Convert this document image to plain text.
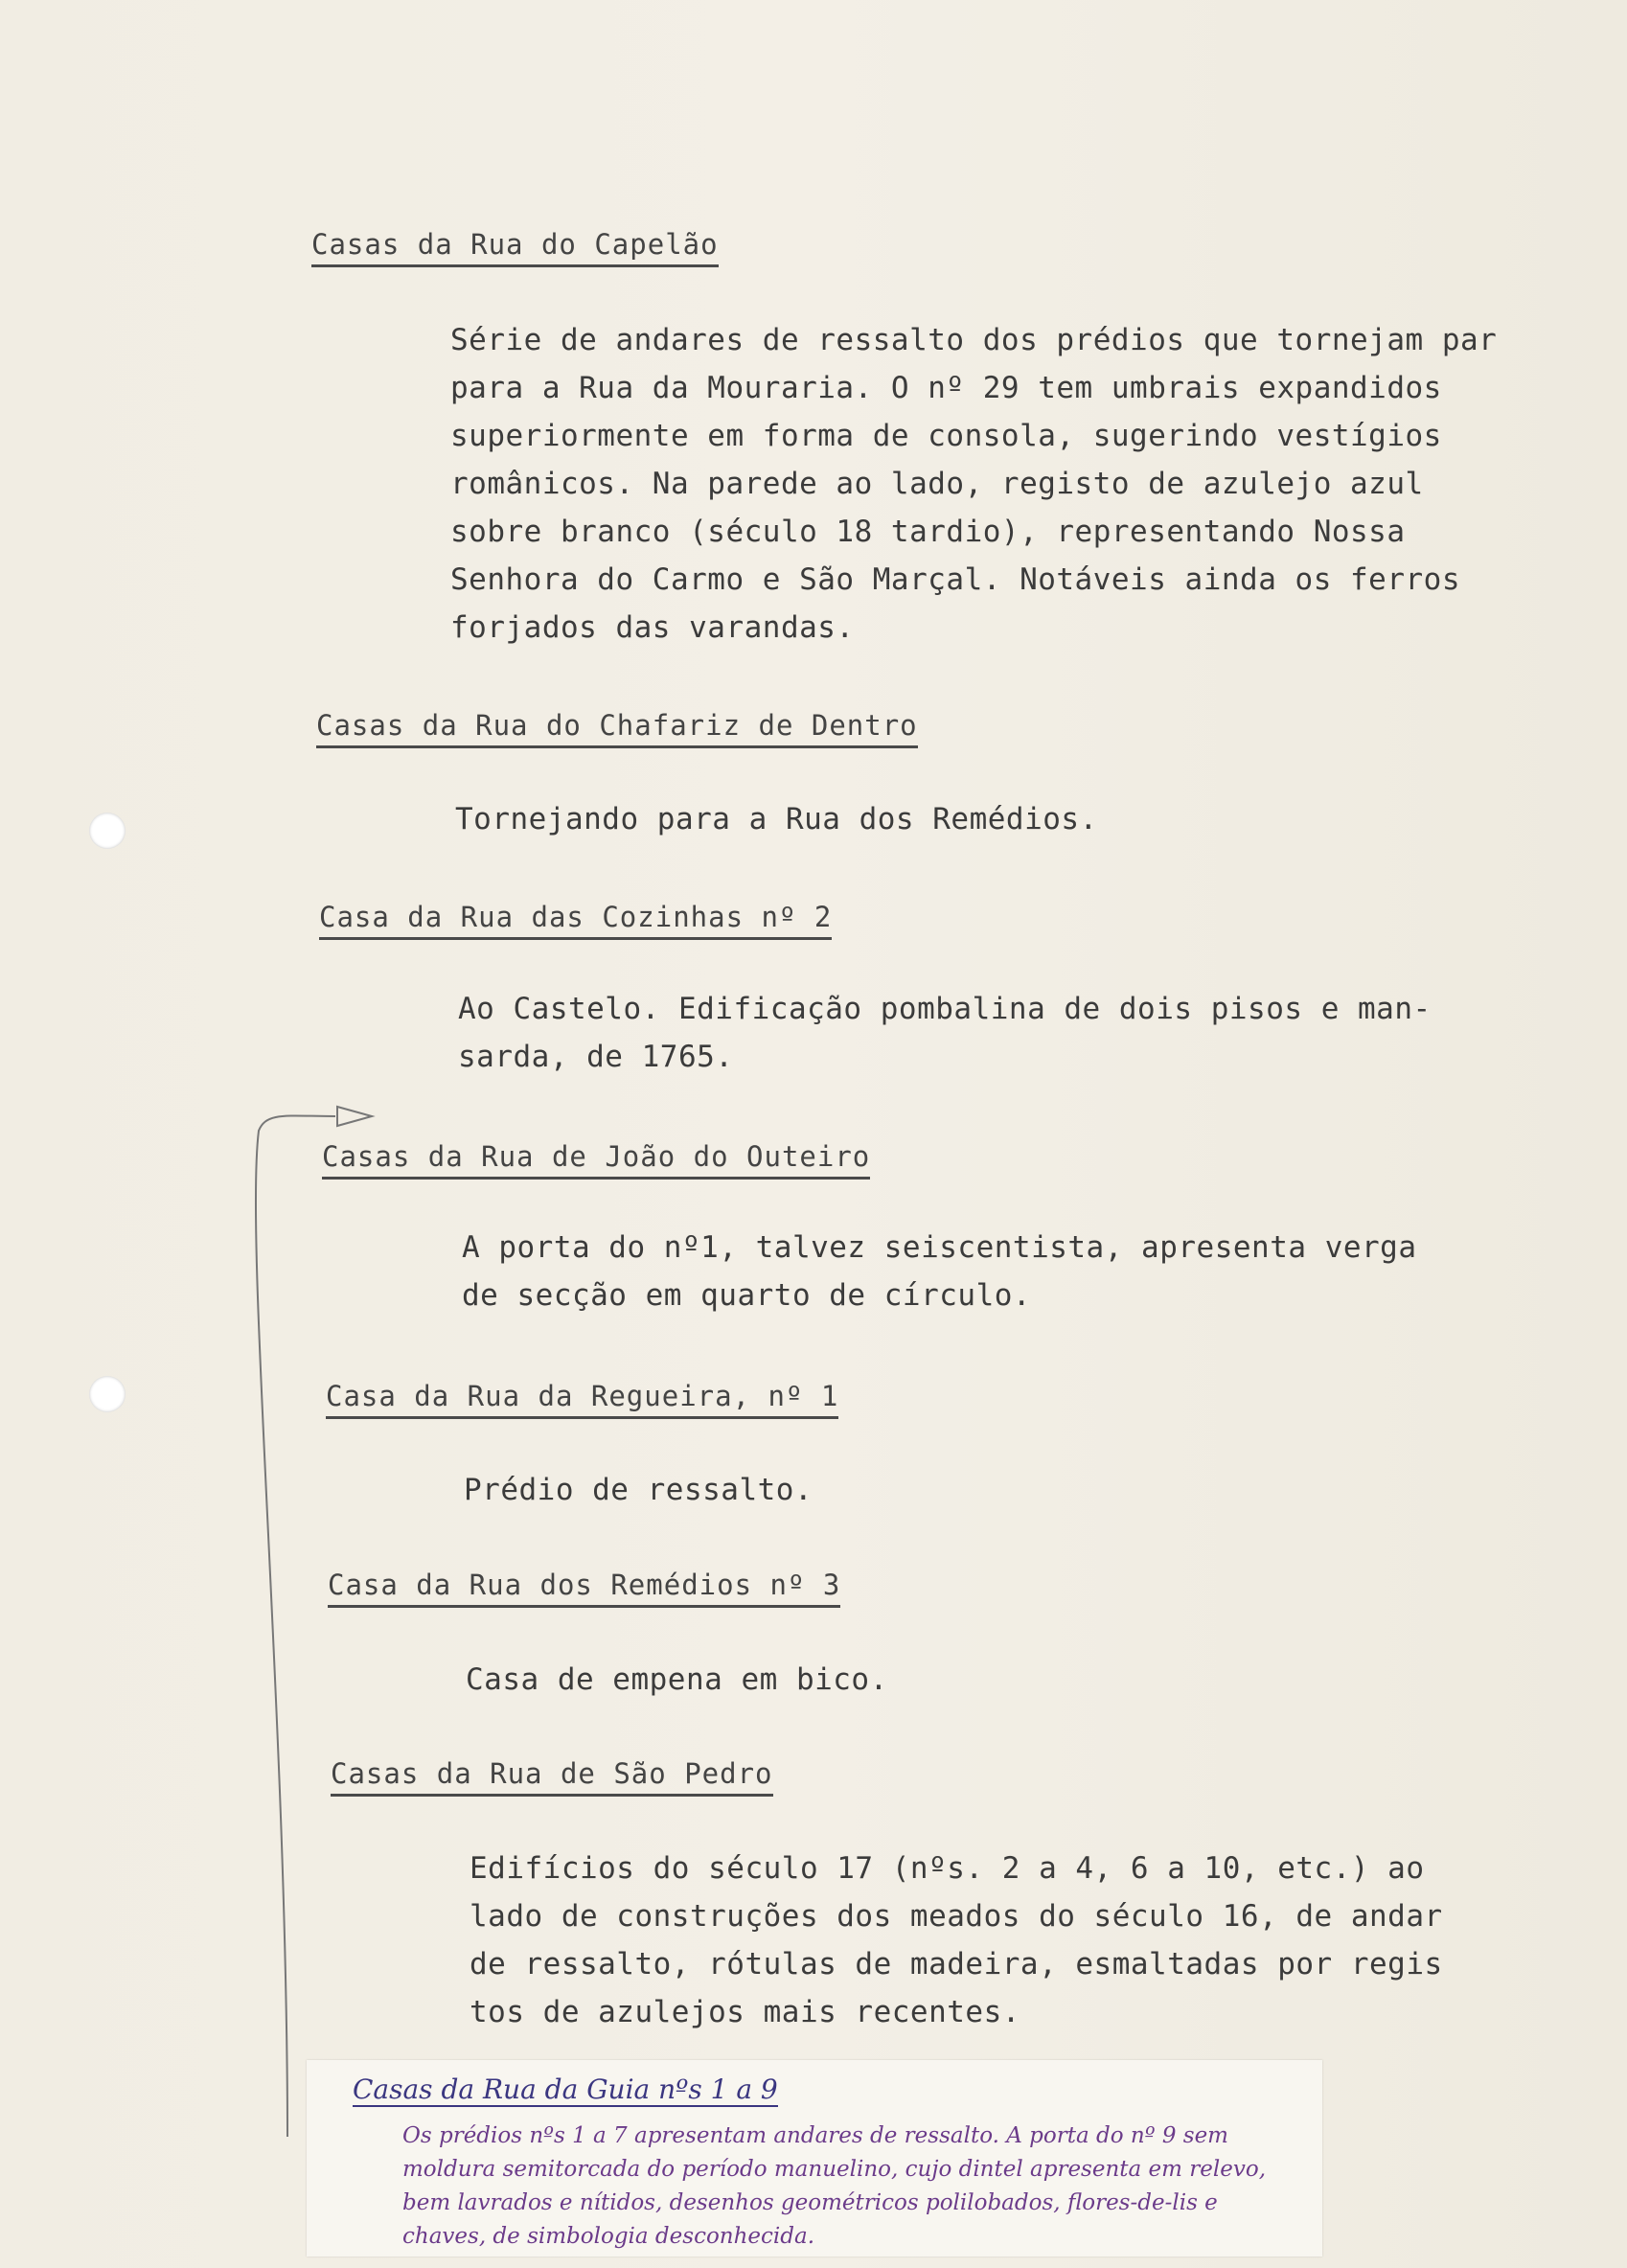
Casas da Rua do Capelão
Série de andares de ressalto dos prédios que tornejam par
para a Rua da Mouraria. O nº 29 tem umbrais expandidos
superiormente em forma de consola, sugerindo vestígios
românicos. Na parede ao lado, registo de azulejo azul
sobre branco (século 18 tardio), representando Nossa
Senhora do Carmo e São Marçal. Notáveis ainda os ferros
forjados das varandas.
Casas da Rua do Chafariz de Dentro
Tornejando para a Rua dos Remédios.
Casa da Rua das Cozinhas nº 2
Ao Castelo. Edificação pombalina de dois pisos e man-
sarda, de 1765.
Casas da Rua de João do Outeiro
A porta do nº1, talvez seiscentista, apresenta verga
de secção em quarto de círculo.
Casa da Rua da Regueira, nº 1
Prédio de ressalto.
Casa da Rua dos Remédios nº 3
Casa de empena em bico.
Casas da Rua de São Pedro
Edifícios do século 17 (nºs. 2 a 4, 6 a 10, etc.) ao
lado de construções dos meados do século 16, de andar
de ressalto, rótulas de madeira, esmaltadas por regis
tos de azulejos mais recentes.
Casas da Rua da Guia nºs 1 a 9
Os prédios nºs 1 a 7 apresentam andares de ressalto. A porta do nº 9 sem moldura semitorcada do período manuelino, cujo dintel apresenta em relevo, bem lavrados e nítidos, desenhos geométricos polilobados, flores-de-lis e chaves, de simbologia desconhecida.
